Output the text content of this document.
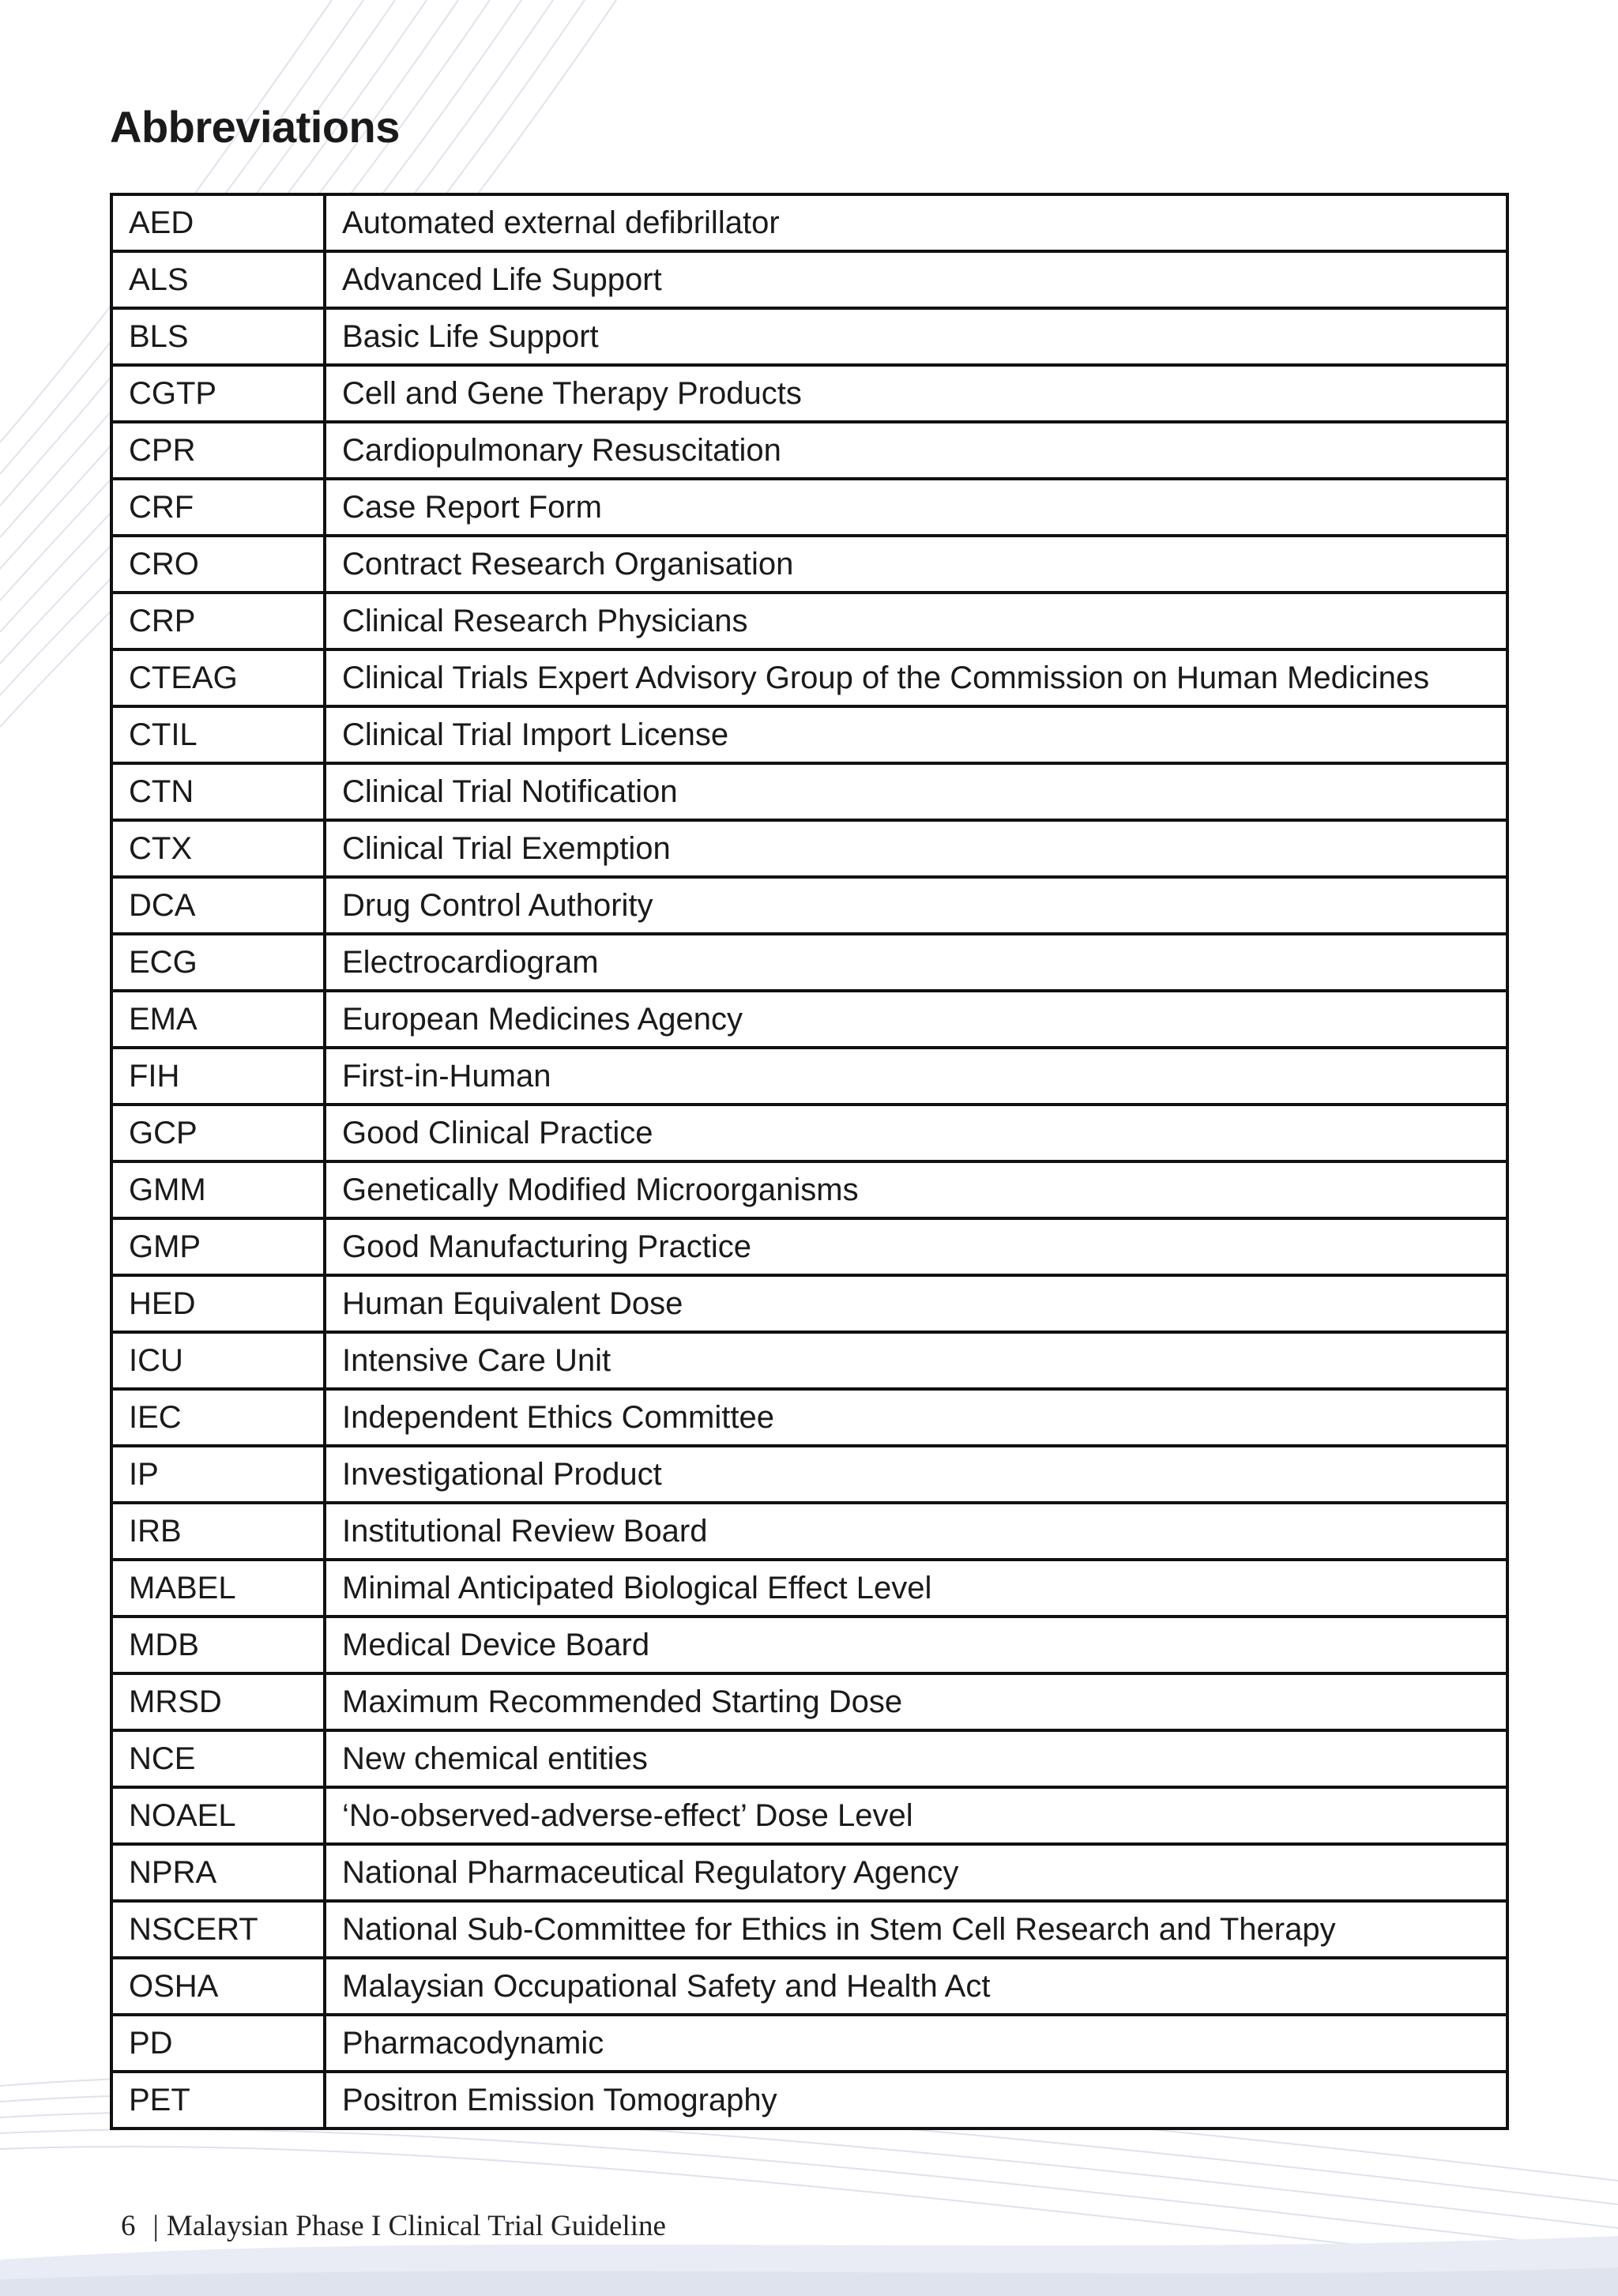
Abbreviations
AED	Automated external defibrillator
ALS	Advanced Life Support
BLS	Basic Life Support
CGTP	Cell and Gene Therapy Products
CPR	Cardiopulmonary Resuscitation
CRF	Case Report Form
CRO	Contract Research Organisation
CRP	Clinical Research Physicians
CTEAG	Clinical Trials Expert Advisory Group of the Commission on Human Medicines
CTIL	Clinical Trial Import License
CTN	Clinical Trial Notification
CTX	Clinical Trial Exemption
DCA	Drug Control Authority
ECG	Electrocardiogram
EMA	European Medicines Agency
FIH	First-in-Human
GCP	Good Clinical Practice
GMM	Genetically Modified Microorganisms
GMP	Good Manufacturing Practice
HED	Human Equivalent Dose
ICU	Intensive Care Unit
IEC	Independent Ethics Committee
IP	Investigational Product
IRB	Institutional Review Board
MABEL	Minimal Anticipated Biological Effect Level
MDB	Medical Device Board
MRSD	Maximum Recommended Starting Dose
NCE	New chemical entities
NOAEL	‘No-observed-adverse-effect’ Dose Level
NPRA	National Pharmaceutical Regulatory Agency
NSCERT	National Sub-Committee for Ethics in Stem Cell Research and Therapy
OSHA	Malaysian Occupational Safety and Health Act
PD	Pharmacodynamic
PET	Positron Emission Tomography
6 | Malaysian Phase I Clinical Trial Guideline
